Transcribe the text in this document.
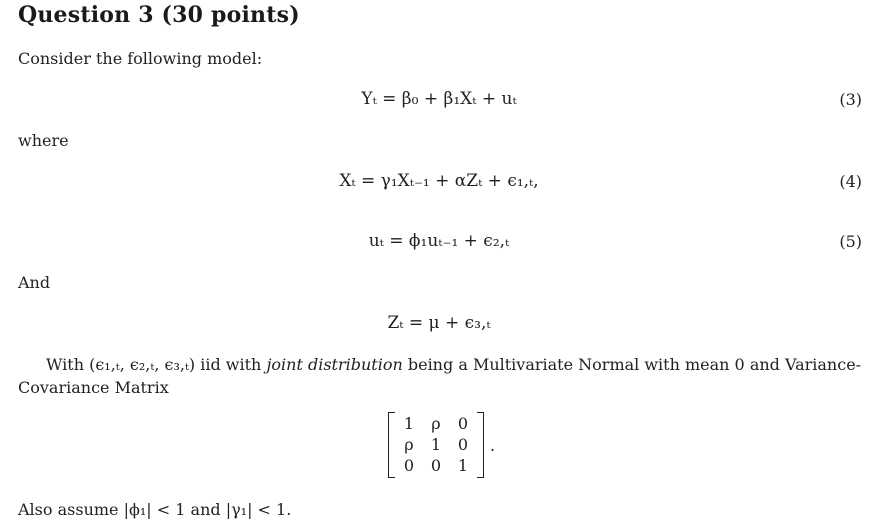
Question 3 (30 points)
Consider the following model:
Yₜ = β₀ + β₁Xₜ + uₜ	(3)
where
Xₜ = γ₁Xₜ₋₁ + αZₜ + ϵ₁,ₜ,	(4)
uₜ = ϕ₁uₜ₋₁ + ϵ₂,ₜ	(5)
And
Zₜ = μ + ϵ₃,ₜ
With (ϵ₁,ₜ, ϵ₂,ₜ, ϵ₃,ₜ) iid with joint distribution being a Multivariate Normal with mean 0 and Variance-
Covariance Matrix
1	ρ	0
ρ	1	0
0	0	1
.
Also assume |ϕ₁| < 1 and |γ₁| < 1.
